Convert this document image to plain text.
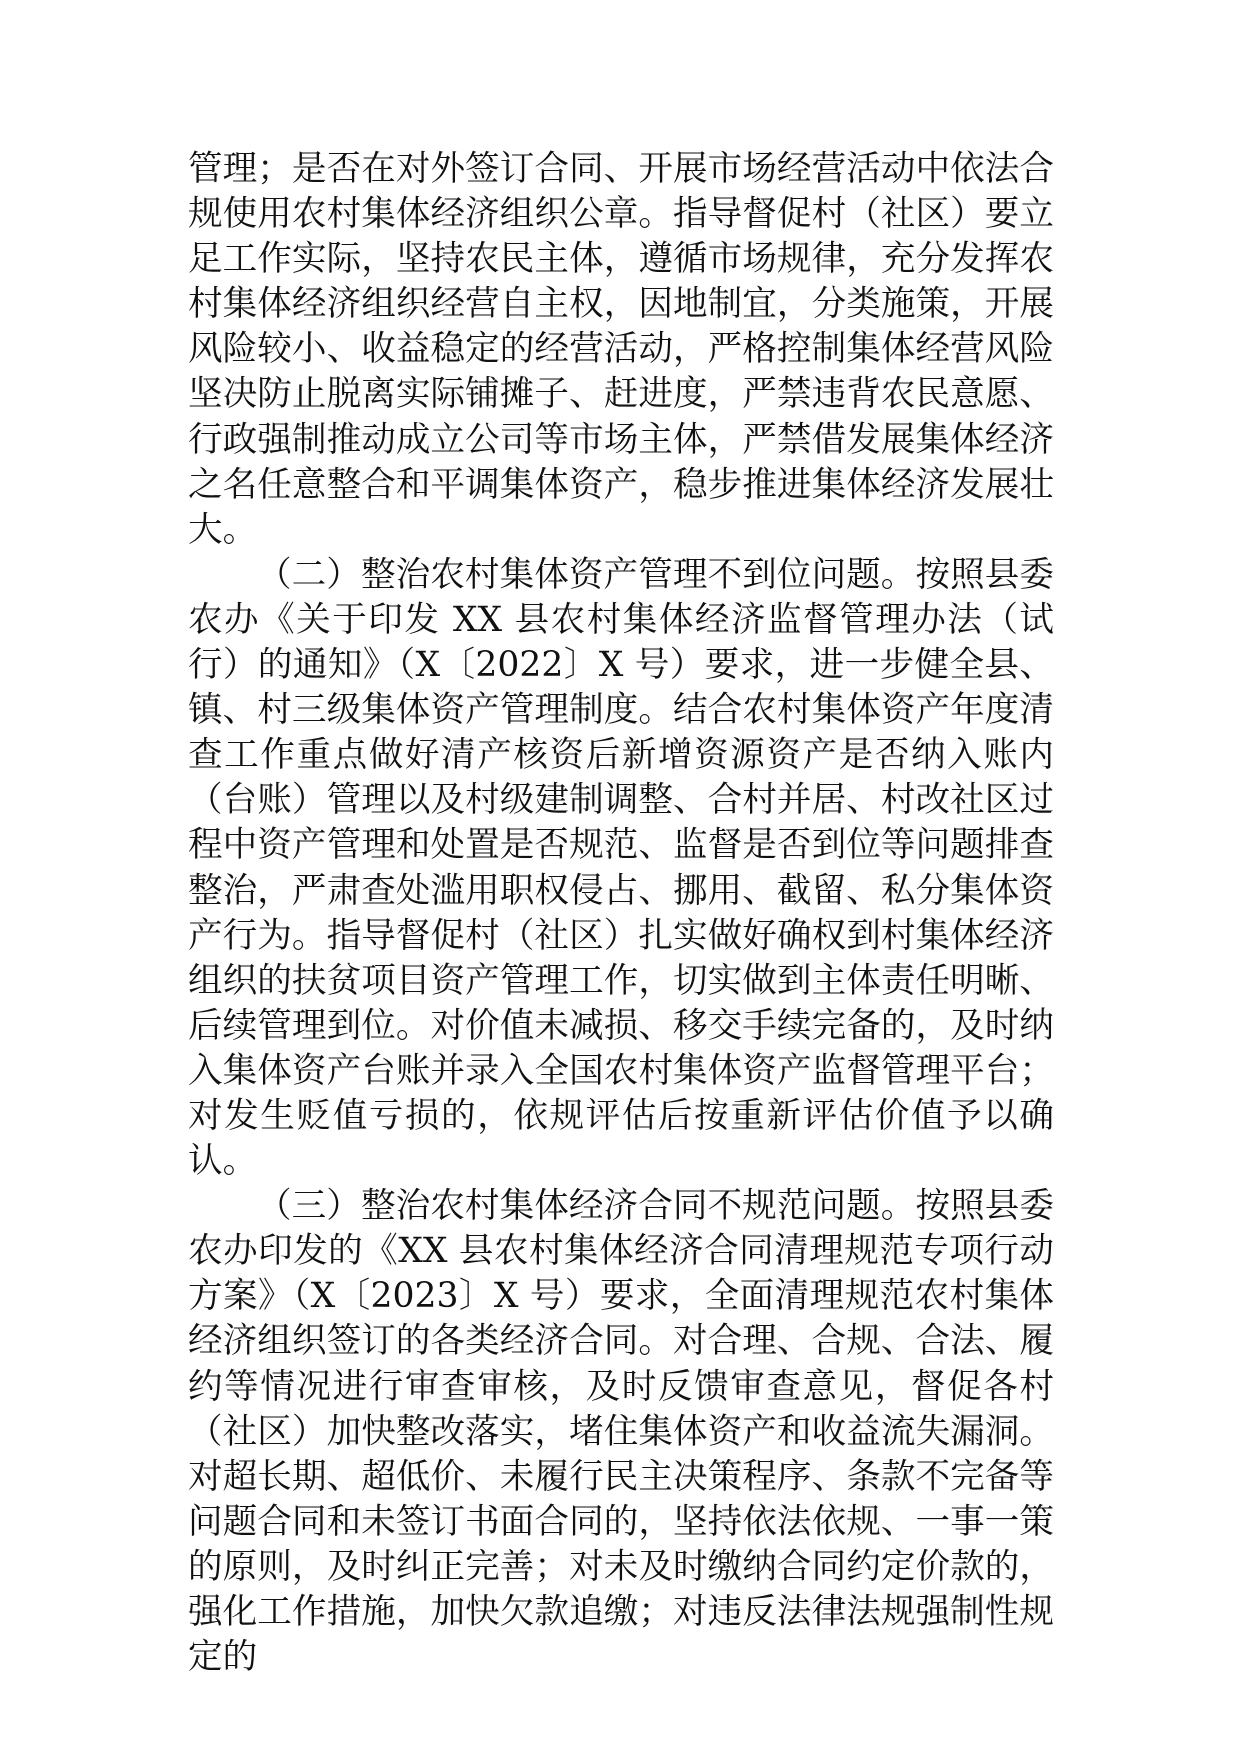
管理；是否在对外签订合同、开展市场经营活动中依法合规使用农村集体经济组织公章。指导督促村（社区）要立足工作实际，坚持农民主体，遵循市场规律，充分发挥农村集体经济组织经营自主权，因地制宜，分类施策，开展风险较小、收益稳定的经营活动，严格控制集体经营风险坚决防止脱离实际铺摊子、赶进度，严禁违背农民意愿、行政强制推动成立公司等市场主体，严禁借发展集体经济之名任意整合和平调集体资产，稳步推进集体经济发展壮大。

（二）整治农村集体资产管理不到位问题。按照县委农办《关于印发 XX 县农村集体经济监督管理办法（试行）的通知》（X〔2022〕X 号）要求，进一步健全县、镇、村三级集体资产管理制度。结合农村集体资产年度清查工作重点做好清产核资后新增资源资产是否纳入账内（台账）管理以及村级建制调整、合村并居、村改社区过程中资产管理和处置是否规范、监督是否到位等问题排查整治，严肃查处滥用职权侵占、挪用、截留、私分集体资产行为。指导督促村（社区）扎实做好确权到村集体经济组织的扶贫项目资产管理工作，切实做到主体责任明晰、后续管理到位。对价值未减损、移交手续完备的，及时纳入集体资产台账并录入全国农村集体资产监督管理平台；对发生贬值亏损的，依规评估后按重新评估价值予以确认。

（三）整治农村集体经济合同不规范问题。按照县委农办印发的《XX 县农村集体经济合同清理规范专项行动方案》（X〔2023〕X 号）要求，全面清理规范农村集体经济组织签订的各类经济合同。对合理、合规、合法、履约等情况进行审查审核，及时反馈审查意见，督促各村（社区）加快整改落实，堵住集体资产和收益流失漏洞。对超长期、超低价、未履行民主决策程序、条款不完备等问题合同和未签订书面合同的，坚持依法依规、一事一策的原则，及时纠正完善；对未及时缴纳合同约定价款的，强化工作措施，加快欠款追缴；对违反法律法规强制性规定的
